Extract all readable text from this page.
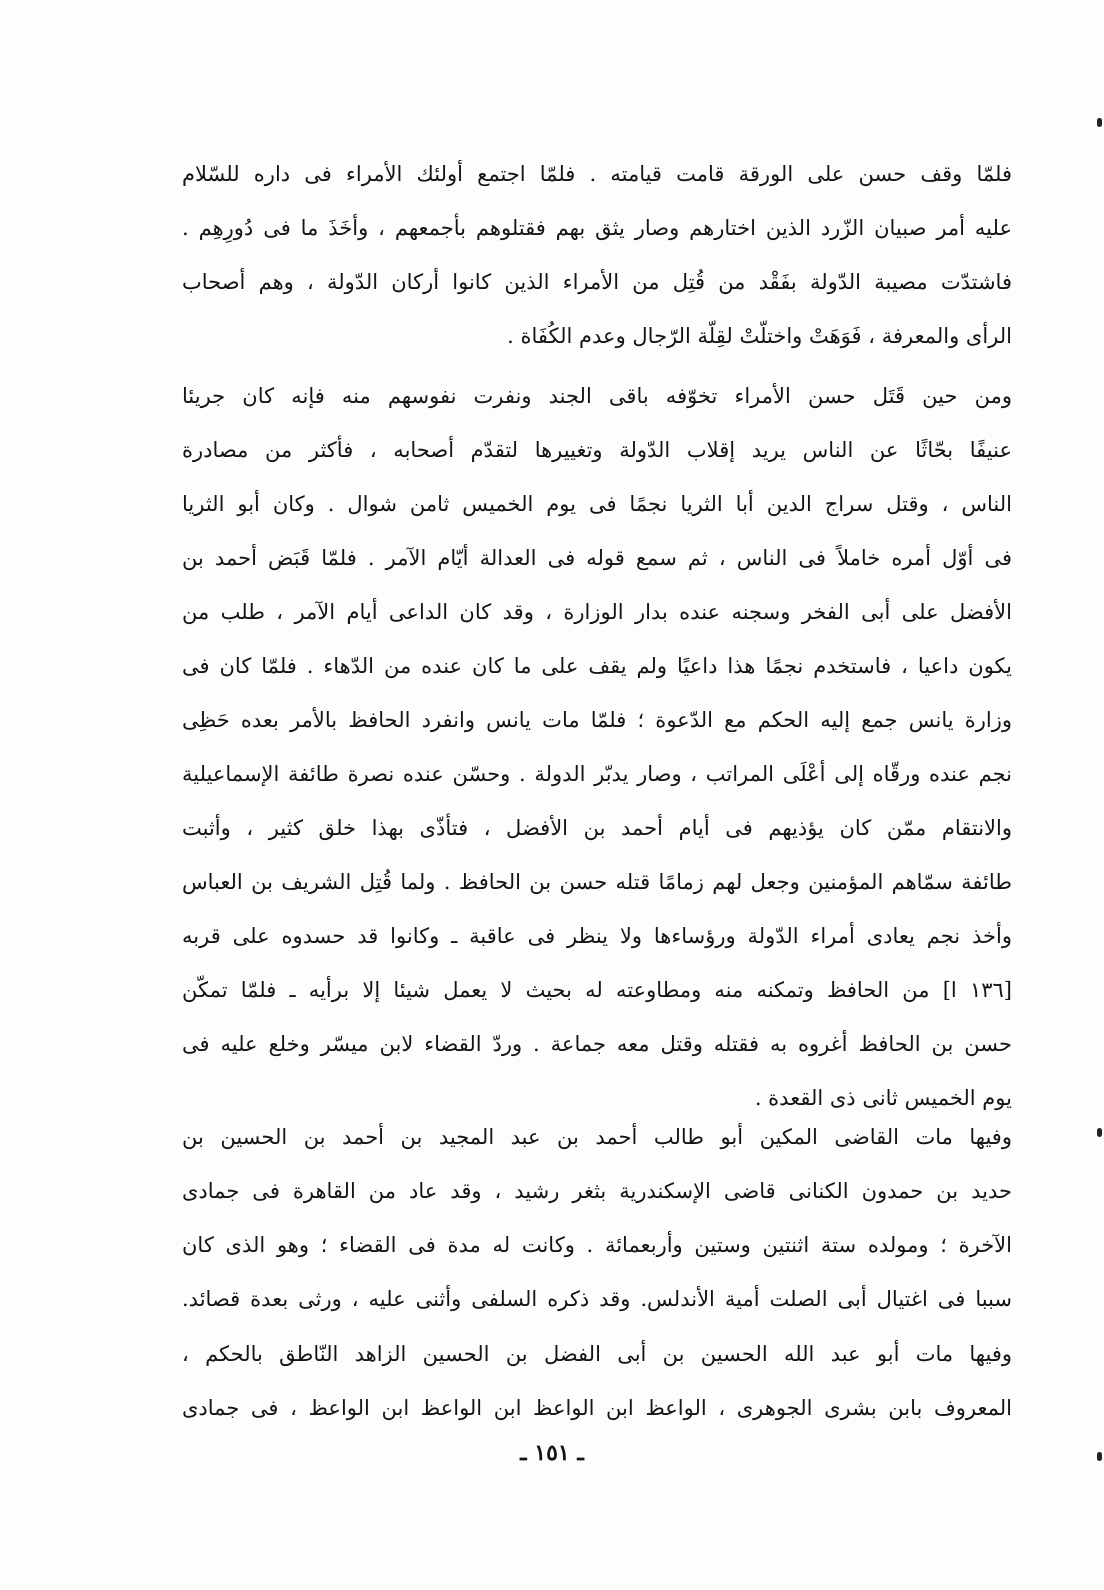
فلمّا وقف حسن على الورقة قامت قيامته . فلمّا اجتمع أولئك الأمراء فى داره للسّلام
عليه أمر صبيان الزّرد الذين اختارهم وصار يثق بهم فقتلوهم بأجمعهم ، وأخَذَ ما فى دُورِهِم .
فاشتدّت مصيبة الدّولة بفَقْد من قُتِل من الأمراء الذين كانوا أركان الدّولة ، وهم أصحاب
الرأى والمعرفة ، فَوَهَتْ واختلّتْ لقِلّة الرّجال وعدم الكُفَاة .
ومن حين قَتَل حسن الأمراء تخوّفه باقى الجند ونفرت نفوسهم منه فإنه كان جريئا
عنيفًا بحّاثًا عن الناس يريد إقلاب الدّولة وتغييرها لتقدّم أصحابه ، فأكثر من مصادرة
الناس ، وقتل سراج الدين أبا الثريا نجمًا فى يوم الخميس ثامن شوال . وكان أبو الثريا
فى أوّل أمره خاملاً فى الناس ، ثم سمع قوله فى العدالة أيّام الآمر . فلمّا قَبَض أحمد بن
الأفضل على أبى الفخر وسجنه عنده بدار الوزارة ، وقد كان الداعى أيام الآمر ، طلب من
يكون داعيا ، فاستخدم نجمًا هذا داعيًا ولم يقف على ما كان عنده من الدّهاء . فلمّا كان فى
وزارة يانس جمع إليه الحكم مع الدّعوة ؛ فلمّا مات يانس وانفرد الحافظ بالأمر بعده حَظِى
نجم عنده ورقّاه إلى أعْلَى المراتب ، وصار يدبّر الدولة . وحسّن عنده نصرة طائفة الإسماعيلية
والانتقام ممّن كان يؤذيهم فى أيام أحمد بن الأفضل ، فتأذّى بهذا خلق كثير ، وأثبت
طائفة سمّاهم المؤمنين وجعل لهم زمامًا قتله حسن بن الحافظ . ولما قُتِل الشريف بن العباس
وأخذ نجم يعادى أمراء الدّولة ورؤساءها ولا ينظر فى عاقبة ـ وكانوا قد حسدوه على قربه
[١٣٦ ا] من الحافظ وتمكنه منه ومطاوعته له بحيث لا يعمل شيئا إلا برأيه ـ فلمّا تمكّن
حسن بن الحافظ أغروه به فقتله وقتل معه جماعة . وردّ القضاء لابن ميسّر وخلع عليه فى
يوم الخميس ثانى ذى القعدة .
وفيها مات القاضى المكين أبو طالب أحمد بن عبد المجيد بن أحمد بن الحسين بن
حديد بن حمدون الكنانى قاضى الإسكندرية بثغر رشيد ، وقد عاد من القاهرة فى جمادى
الآخرة ؛ ومولده ستة اثنتين وستين وأربعمائة . وكانت له مدة فى القضاء ؛ وهو الذى كان
سببا فى اغتيال أبى الصلت أمية الأندلس. وقد ذكره السلفى وأثنى عليه ، ورثى بعدة قصائد.
وفيها مات أبو عبد الله الحسين بن أبى الفضل بن الحسين الزاهد النّاطق بالحكم ،
المعروف بابن بشرى الجوهرى ، الواعظ ابن الواعظ ابن الواعظ ابن الواعظ ، فى جمادى
ـ ١٥١ ـ
